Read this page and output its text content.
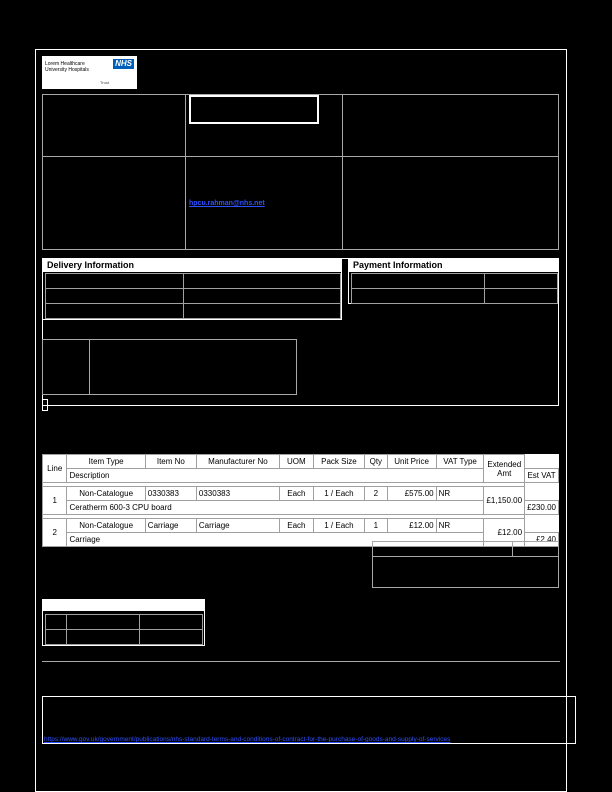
Lorem Healthcare
University Hospitals
NHS
Trust
hpcu.rahman@nhs.net
Delivery Information

		Payment Information

Line	Item Type	Item No	Manufacturer No	UOM	Pack Size	Qty	Unit Price	VAT Type	Extended Amt	
	Description									Est VAT

1	Non-Catalogue	0330383	0330383	Each	1 / Each	2	£575.00	NR	£1,150.00	
	Ceratherm 600-3 CPU board									£230.00

2	Non-Catalogue	Carriage	Carriage	Each	1 / Each	1	£12.00	NR	£12.00	
	Carriage									£2.40

https://www.gov.uk/government/publications/nhs-standard-terms-and-conditions-of-contract-for-the-purchase-of-goods-and-supply-of-services
